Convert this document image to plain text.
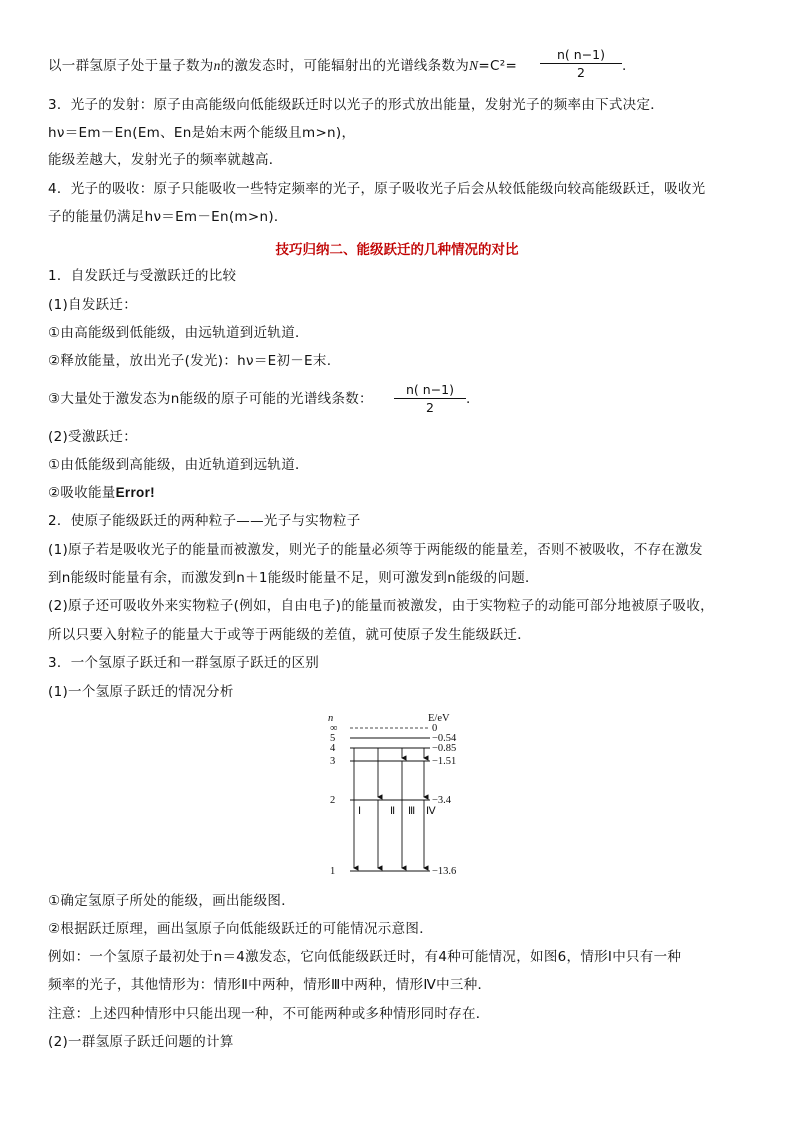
以一群氢原子处于量子数为n的激发态时，可能辐射出的光谱线条数为$N=C^2= \frac{n( n-1)}{2}$ .
3．光子的发射：原子由高能级向低能级跃迁时以光子的形式放出能量，发射光子的频率由下式决定．
hν＝Em－En(Em、En是始末两个能级且m>n)，
能级差越大，发射光子的频率就越高．
4．光子的吸收：原子只能吸收一些特定频率的光子，原子吸收光子后会从较低能级向较高能级跃迁，吸收光
子的能量仍满足hν＝Em－En(m>n)．
技巧归纳二、能级跃迁的几种情况的对比
1．自发跃迁与受激跃迁的比较
(1)自发跃迁：
①由高能级到低能级，由远轨道到近轨道．
②释放能量，放出光子(发光)：hν＝E初－E末.
③大量处于激发态为n能级的原子可能的光谱线条数： $\frac{n( n-1)}{2}$ .
(2)受激跃迁：
①由低能级到高能级，由近轨道到远轨道．
②吸收能量Error!
2．使原子能级跃迁的两种粒子——光子与实物粒子
(1)原子若是吸收光子的能量而被激发，则光子的能量必须等于两能级的能量差，否则不被吸收，不存在激发
到n能级时能量有余，而激发到n＋1能级时能量不足，则可激发到n能级的问题．
(2)原子还可吸收外来实物粒子(例如，自由电子)的能量而被激发，由于实物粒子的动能可部分地被原子吸收，
所以只要入射粒子的能量大于或等于两能级的差值，就可使原子发生能级跃迁．
3．一个氢原子跃迁和一群氢原子跃迁的区别
(1)一个氢原子跃迁的情况分析
n	E/eV
∞	0
5	−0.54
4	−0.85
3	−1.51
2	−3.4
1	−13.6
Ⅰ	Ⅱ Ⅲ Ⅳ
①确定氢原子所处的能级，画出能级图．
②根据跃迁原理，画出氢原子向低能级跃迁的可能情况示意图．
例如：一个氢原子最初处于n＝4激发态，它向低能级跃迁时，有4种可能情况，如图6，情形Ⅰ中只有一种
频率的光子，其他情形为：情形Ⅱ中两种，情形Ⅲ中两种，情形Ⅳ中三种．
注意：上述四种情形中只能出现一种，不可能两种或多种情形同时存在．
(2)一群氢原子跃迁问题的计算
